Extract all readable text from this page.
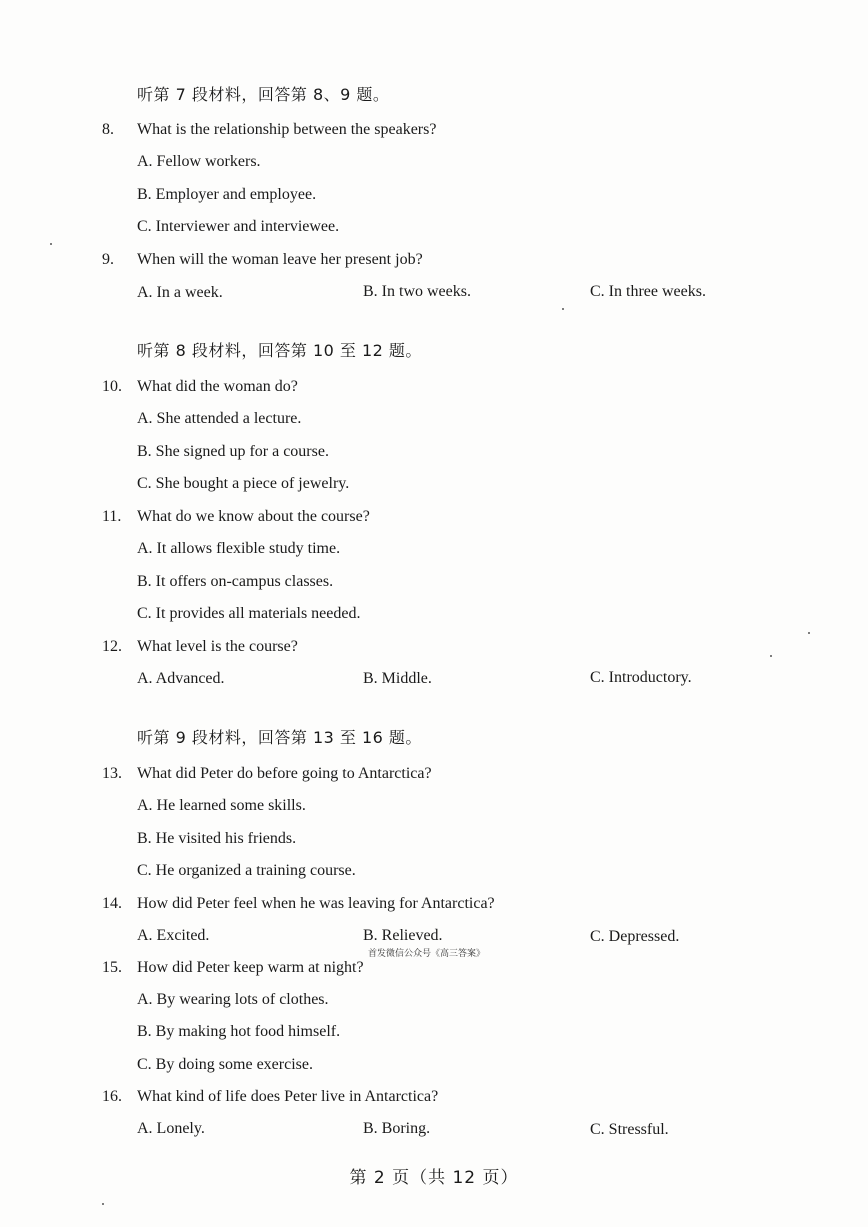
听第 7 段材料，回答第 8、9 题。
8. What is the relationship between the speakers?
A. Fellow workers.
B. Employer and employee.
C. Interviewer and interviewee.
9. When will the woman leave her present job?
A. In a week.	B. In two weeks.	C. In three weeks.
听第 8 段材料，回答第 10 至 12 题。
10. What did the woman do?
A. She attended a lecture.
B. She signed up for a course.
C. She bought a piece of jewelry.
11. What do we know about the course?
A. It allows flexible study time.
B. It offers on-campus classes.
C. It provides all materials needed.
12. What level is the course?
A. Advanced.	B. Middle.	C. Introductory.
听第 9 段材料，回答第 13 至 16 题。
13. What did Peter do before going to Antarctica?
A. He learned some skills.
B. He visited his friends.
C. He organized a training course.
14. How did Peter feel when he was leaving for Antarctica?
A. Excited.	B. Relieved.	C. Depressed.
首发微信公众号《高三答案》
15. How did Peter keep warm at night?
A. By wearing lots of clothes.
B. By making hot food himself.
C. By doing some exercise.
16. What kind of life does Peter live in Antarctica?
A. Lonely.	B. Boring.	C. Stressful.
第 2 页（共 12 页）
